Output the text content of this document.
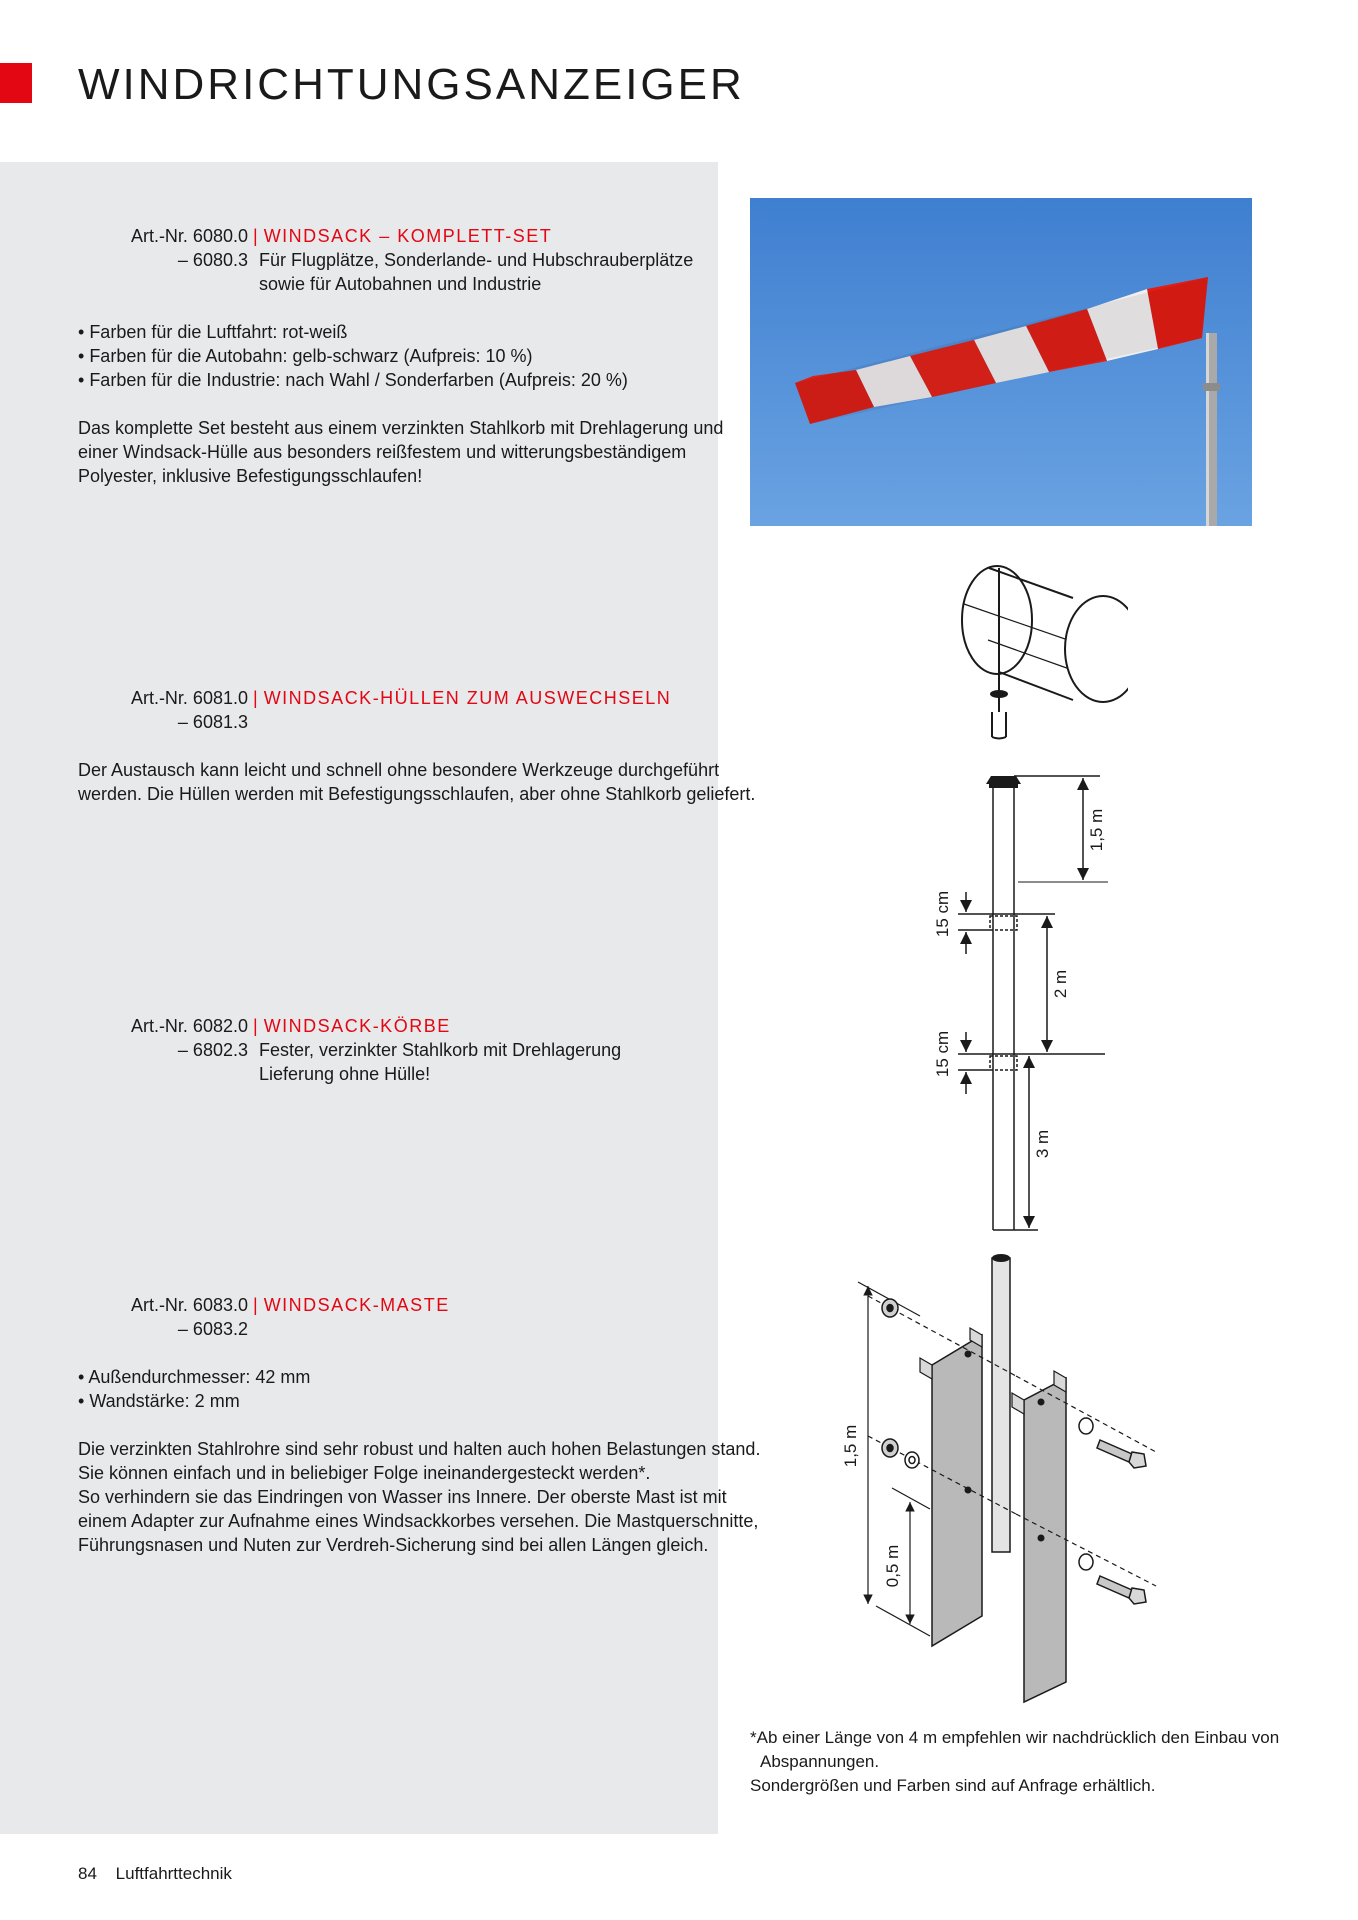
WINDRICHTUNGSANZEIGER
Art.-Nr. 6080.0 | WINDSACK – KOMPLETT-SET
– 6080.3 Für Flugplätze, Sonderlande- und Hubschrauberplätze
sowie für Autobahnen und Industrie
• Farben für die Luftfahrt: rot-weiß
• Farben für die Autobahn: gelb-schwarz (Aufpreis: 10 %)
• Farben für die Industrie: nach Wahl / Sonderfarben (Aufpreis: 20 %)
Das komplette Set besteht aus einem verzinkten Stahlkorb mit Drehlagerung und
einer Windsack-Hülle aus besonders reißfestem und witterungsbeständigem
Polyester, inklusive Befestigungsschlaufen!
Art.-Nr. 6081.0 | WINDSACK-HÜLLEN ZUM AUSWECHSELN
– 6081.3
Der Austausch kann leicht und schnell ohne besondere Werkzeuge durchgeführt
werden. Die Hüllen werden mit Befestigungsschlaufen, aber ohne Stahlkorb geliefert.
Art.-Nr. 6082.0 | WINDSACK-KÖRBE
– 6802.3 Fester, verzinkter Stahlkorb mit Drehlagerung
Lieferung ohne Hülle!
Art.-Nr. 6083.0 | WINDSACK-MASTE
– 6083.2
• Außendurchmesser: 42 mm
• Wandstärke: 2 mm
Die verzinkten Stahlrohre sind sehr robust und halten auch hohen Belastungen stand.
Sie können einfach und in beliebiger Folge ineinandergesteckt werden*.
So verhindern sie das Eindringen von Wasser ins Innere. Der oberste Mast ist mit
einem Adapter zur Aufnahme eines Windsackkorbes versehen. Die Mastquerschnitte,
Führungsnasen und Nuten zur Verdreh-Sicherung sind bei allen Längen gleich.
1,5 m
15 cm
2 m
15 cm
3 m
1,5 m
0,5 m
*Ab einer Länge von 4 m empfehlen wir nachdrücklich den Einbau von
Abspannungen.
Sondergrößen und Farben sind auf Anfrage erhältlich.
84 Luftfahrttechnik
